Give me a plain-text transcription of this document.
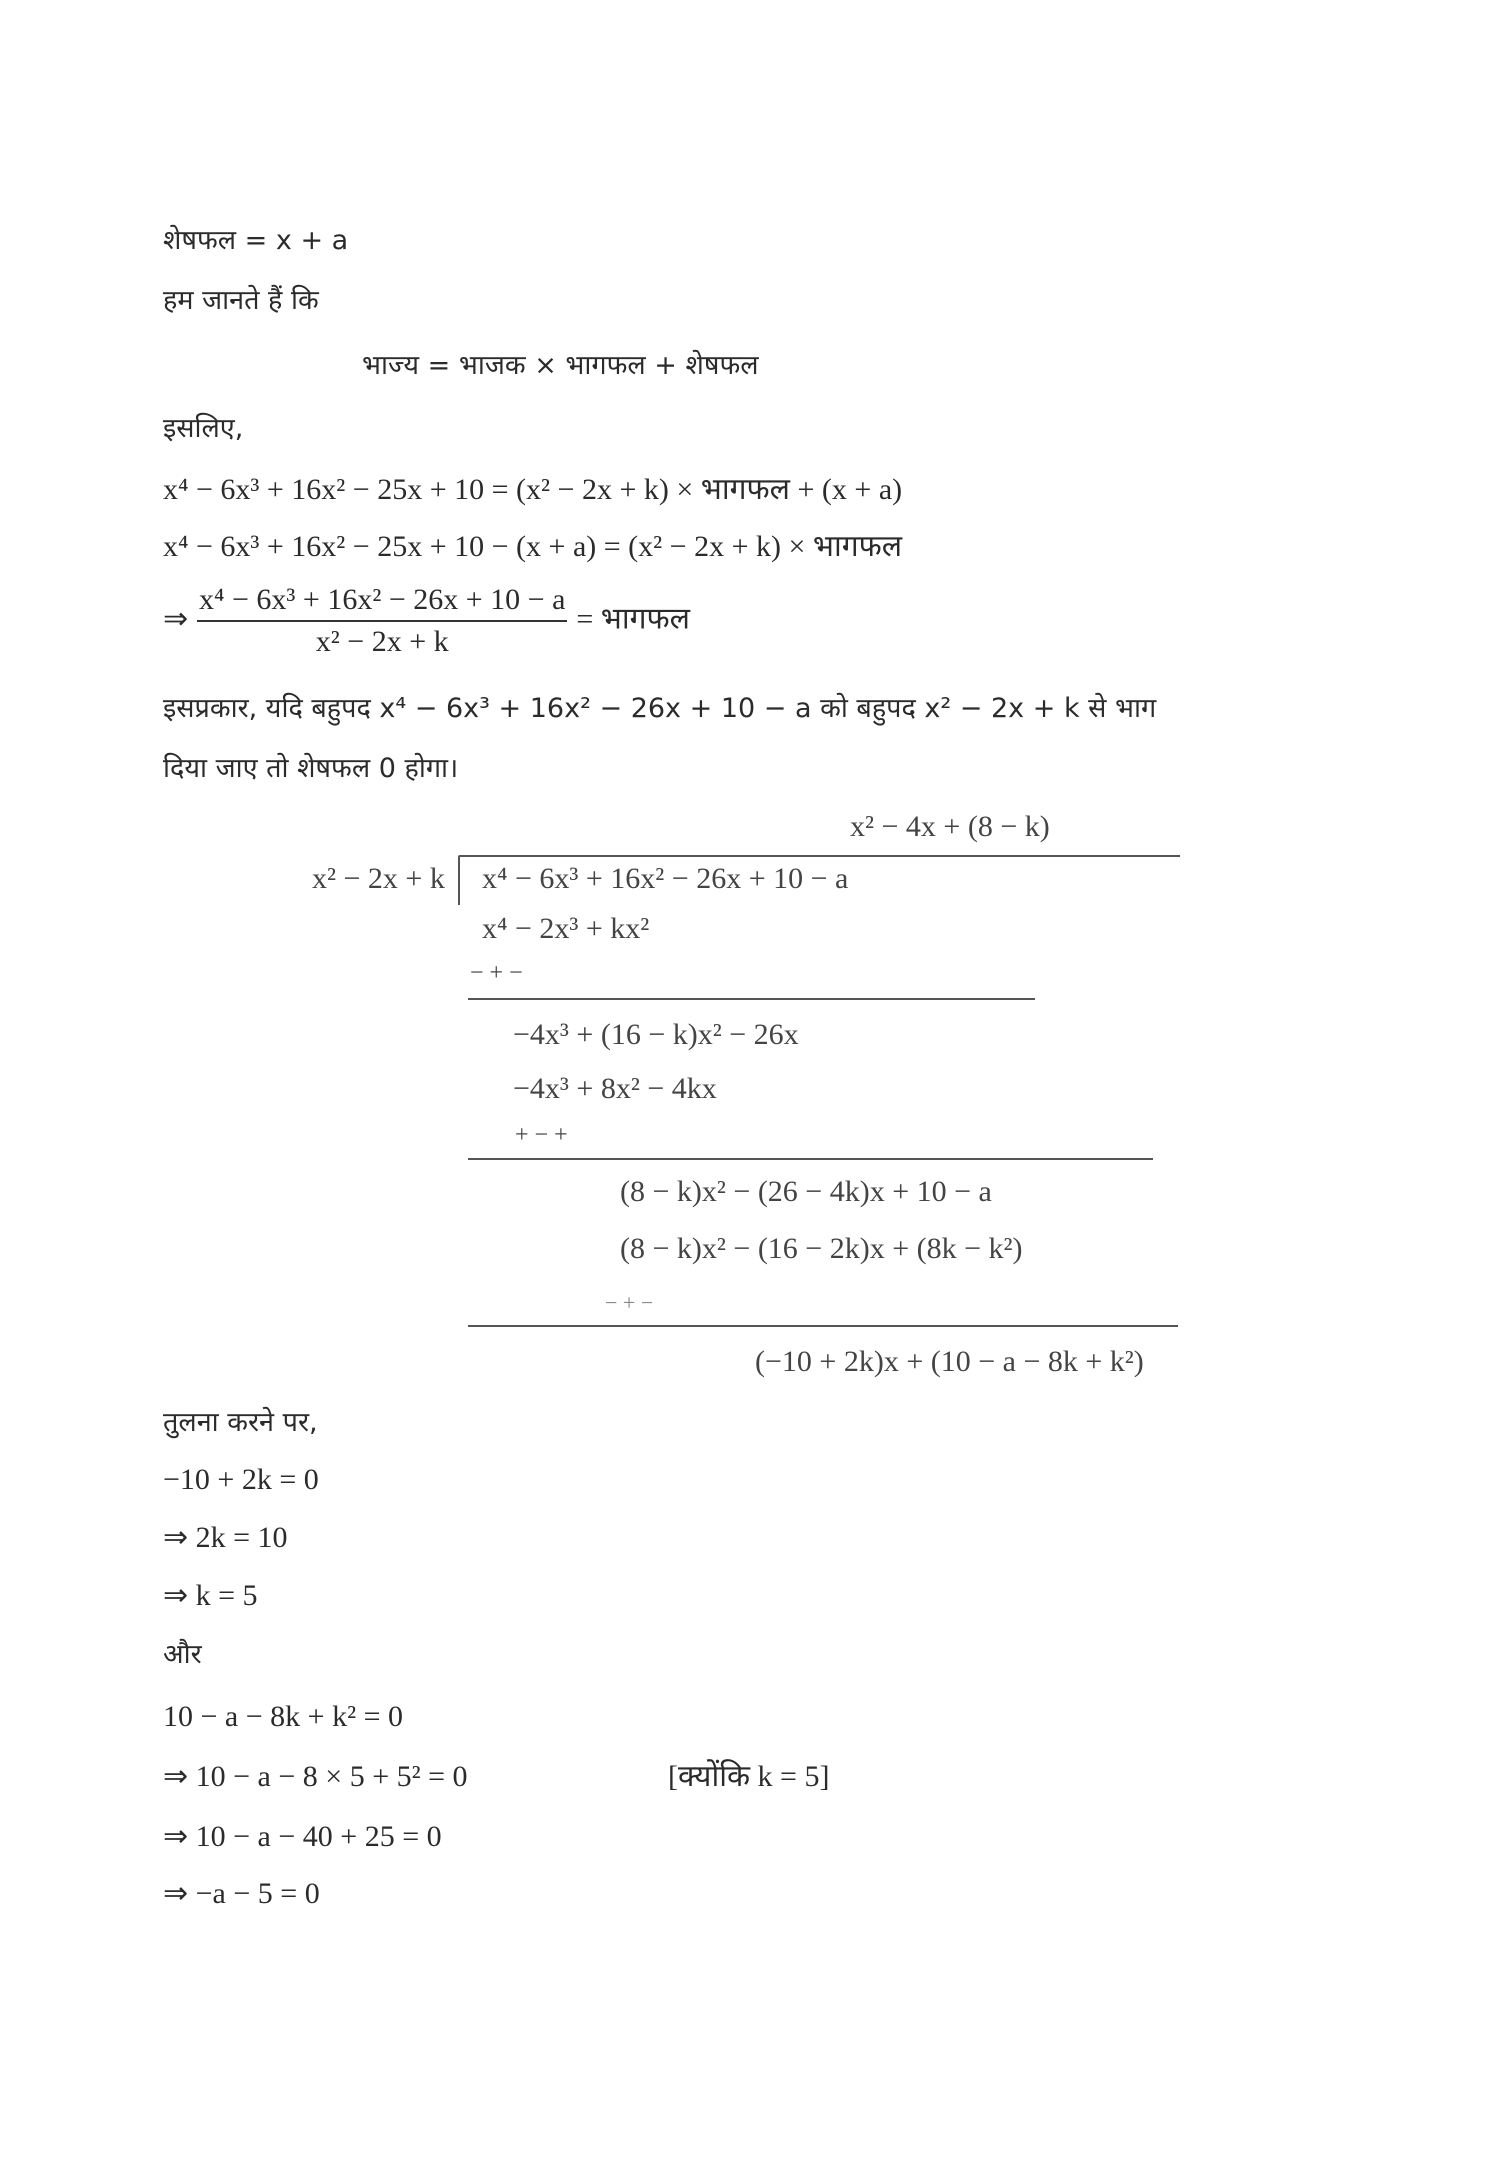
शेषफल = x + a
हम जानते हैं कि
भाज्य = भाजक × भागफल + शेषफल
इसलिए,
x⁴ − 6x³ + 16x² − 25x + 10 = (x² − 2x + k) × भागफल + (x + a)
x⁴ − 6x³ + 16x² − 25x + 10 − (x + a) = (x² − 2x + k) × भागफल
⇒ $\frac{\text{x⁴ − 6x³ + 16x² − 26x + 10 − a}}{\text{x² − 2x + k}}$ = भागफल
इसप्रकार, यदि बहुपद x⁴ − 6x³ + 16x² − 26x + 10 − a को बहुपद x² − 2x + k से भाग
दिया जाए तो शेषफल 0 होगा।
x² − 4x + (8 − k)
x² − 2x + k x⁴ − 6x³ + 16x² − 26x + 10 − a
x⁴ − 2x³ + kx²
− + −
−4x³ + (16 − k)x² − 26x
−4x³ + 8x² − 4kx
+ − +
(8 − k)x² − (26 − 4k)x + 10 − a
(8 − k)x² − (16 − 2k)x + (8k − k²)
− + −
(−10 + 2k)x + (10 − a − 8k + k²)
तुलना करने पर,
−10 + 2k = 0
⇒ 2k = 10
⇒ k = 5
और
10 − a − 8k + k² = 0
⇒ 10 − a − 8 × 5 + 5² = 0	[क्योंकि k = 5]
⇒ 10 − a − 40 + 25 = 0
⇒ −a − 5 = 0
